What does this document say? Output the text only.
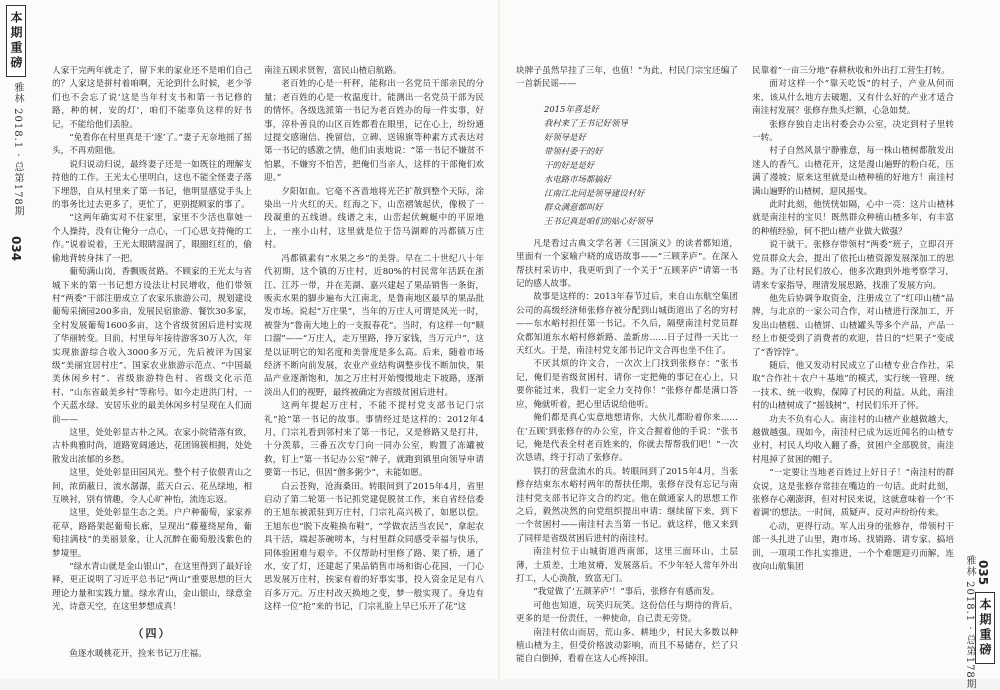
本期重磅
雅林 2018.1 · 总第178期
034

人家干完两年就走了，留下来的家业还不是咱们自己的？人家这是拼村着咱啊，无论到什么时候，老少爷们也不会忘了说‘这是当年村支书和第一书记修的路，种的树，安的灯’，咱们不能辜负这样的好书记，不能给他们丢脸。

“免看你在村里真是干‘逐’了。”妻子无奈地摇了摇头，不再劝阻他。

说归说动归说，最终妻子还是一如既往的理解支持他的工作。王光太心里明白，这也不能全怪妻子落下埋怨，自从村里来了第一书记，他明显感觉手头上的事务比过去更多了，更忙了，更别提顾家的事了。

“这两年确实对不住家里，家里不少活也靠她一个人操持，没有让俺分一点心，一门心思支持俺的工作。”说着说着，王光太眼睛湿润了，眼圈红红的，偷偷地背转身抹了一把。

葡萄满山岗，香飘贩贫路。不顾家的王光太与省城下来的第一书记想方设法让村民增收，他们带领村“两委”干部注册成立了农家乐旅游公司，规划建设葡萄采摘园200多亩，发展民宿旅游、餐饮30多家，全村发展葡萄1600多亩，这个省级贫困后进村实现了华丽转变。目前，村里每年接待游客30万人次，年实现旅游综合收入3000多万元，先后被评为国家级“美丽宜居村庄”、国家农业旅游示范点、“中国最美休闲乡村”、省级旅游特色村、省级文化示范村、“山东省最美乡村”等称号。如今走进洪门村，一个天蓝水绿、安居乐业的最美休闲乡村呈现在人们面前——

这里，处处彰显古朴之风。农家小院错落有致，古朴典雅时尚，道路宽阔通达，花团锦簇相拥，处处散发出浓郁的乡愁。

这里，处处彰显田园风光。整个村子依偎青山之间，浓荫蔽日，流水潺潺，蓝天白云、花丛绿地，相互映衬，别有情趣，令人心旷神怡，流连忘返。

这里，处处彰显生态之美。户户种葡萄，家家养花草，路路架起葡萄长廊，呈现出“藤蔓绕屋角，葡萄挂满枝”的美丽景象，让人沉醉在葡萄般浅紫色的梦境里。

“绿水青山就是金山银山”，在这里得到了最好诠释，更正说明了习近平总书记“两山”重要思想的巨大理论力量和实践力量。绿水青山，金山银山，绿意金光，诗意天空，在这里梦想成真！

（四）

鱼逐水暖桃花开，捡来书记万庄福。

南洼五顾求贤智，富民山楂启航路。

老百姓的心是一杆秤，能称出一名党员干部亲民的分量；老百姓的心是一枚温度计，能测出一名党员干部为民的情怀。各级选派第一书记为老百姓办的每一件实事，好事，淳朴善良的山区百姓都看在眼里，记在心上，纷纷通过提交感谢信、挽留信，立碑、送锦旗等种素方式表达对第一书记的感激之情，他们由衷地说：“第一书记不嫌贫不怕累，不嫌穷不怕苦，把俺们当亲人，这样的干部俺们欢迎。”

夕阳如血。它毫不吝啬地将光芒扩散到整个天际，涂染出一片火红的天。红海之下，山峦褶皱起伏，像极了一段凝重的五线谱。线谱之末，山峦起伏蜿蜒中的平原地上，一座小山村，这里就是位于岱马湖畔的冯都镇万庄村。

冯都镇素有“水果之乡”的美誉。早在二十世纪八十年代初期，这个镇的万庄村，近80%的村民常年活跃在浙江、江苏一带，并在芜湖、嘉兴建起了果品销售一条街，贩卖水果的脚步遍布大江南北，是鲁南地区最早的果品批发市场。说起“万庄果”，当年的万庄人可谓是风光一时，被誉为“鲁南大地上的一支报春花”。当时，有这样一句“顺口溜”——“万庄人，走万里路，挣万家钱，当万元户”，这是以证明它的知名度和美誉度是多么高。后来，随着市场经济不断向前发展，农业产业结构调整步伐不断加快，果品产业逐渐饱和，加之万庄村开始慢慢地走下坡路，逐渐淡出人们的视野，最终被确定为省级贫困后进村。

这两年提起万庄村，不能不提村党支部书记门宗礼“抢”第一书记的故事。事情经过是这样的：2012年4月，门宗礼看到邻村来了第一书记，又是修路又是打井，十分羡慕，三番五次专门向一同办公室，购置了冻罐被救，钉上“第一书记办公室”牌子，就跑到镇里向领导申请要第一书记，但因“僧多粥少”，未能如愿。

白云苍狗，沧海桑田。转眼间到了2015年4月，省里启动了第二轮第一书记抓党建促脱贫工作，来自省经信委的王旭东被派驻到万庄村，门宗礼高兴极了，如愿以偿。王旭东也“脱下皮鞋换布鞋”，“学做农活当农民”，拿起农具干活，端起茶碗唠本，与村里群众同感受幸福与快乐，同体验困难与艰辛。不仅帮助村里修了路、架了桥，通了水，安了灯，还建起了果品销售市场和街心花园，一门心思发展万庄村，挨家有着的好事实事，投入资金足足有八百多万元。万庄村改天换地之变，梦一般实现了。身边有这样一位“抢”来的书记，门宗礼脸上早已乐开了花“这

块牌子虽然早挂了三年，也值！”为此，村民门宗宝还编了一首新民谣——

2015年喜是好
我村来了王书记好领导
好领导是好
带领村委干的好
干的好是是好
水电路市场都搞好
江南江北同是领导建设村好
群众满意都叫好
王书记真是咱们的贴心好领导

凡是看过古典文学名著《三国演义》的读者都知道，里面有一个家喻户晓的成语故事——“三顾茅庐”。在深入帮扶村采访中，我更听到了一个关于“五顾茅庐”请第一书记的感人故事。

故事是这样的：2013年春节过后，来自山东航空集团公司的高级经济师张修存被分配到山城街道出了名的穷村——东水峪村担任第一书记。不久后，隔壁南洼村党员群众都知道东水峪村修新路、盖新房……日子过得一天比一天红火。于是，南洼村党支部书记许文合再也坐不住了。

不厌其烦的许文合，一次次上门找到张修存：“张书记，俺们是省级贫困村，请你一定把俺的事记在心上，只要你能过来，我们一定全力支持你！”张修存都是满口答应，俺就听着，把心里话说给他听。

俺们都是真心实意地想请你，大伙儿都盼着你来……在‘五顾’到张修存的办公室，许文合握着他的手说：“张书记，俺是代表全村老百姓来的，你就去帮帮我们吧！”一次次恳请，终于打动了张修存。

铁打的营盘流水的兵。转眼间到了2015年4月，当张修存结束东水峪村两年的帮扶任期，张修存没有忘记与南洼村党支部书记许文合的约定。他在做通家人的思想工作之后，毅然决然的向党组织提出申请：继续留下来，到下一个贫困村——南洼村去当第一书记。就这样，他又来到了同样是省级贫困后进村的南洼村。

南洼村位于山城街道西南部，这里三面环山，土层薄，土质差，土地贫瘠，发展落后。不少年轻人常年外出打工，人心涣散，致富无门。

“我觉做了‘五颜茅庐’！”事后，张修存有感而发。

可他也知道，玩笑归玩笑。这份信任与期待的背后，更多的是一份责任，一种使命，自己责无旁贷。

南洼村依山而居，荒山多、耕地少，村民大多数以种植山楂为主，但受价格波动影响，而且不易储存，烂了只能自白倒掉，看着在这人心疼掉泪。

民靠着“一亩三分地”春耕秋收和外出打工营生打转。

面对这样一个“靠天吃饭”的村子，产业从何而来，该从什么地方去破题，又有什么好的产业才适合南洼村发展？张修存焦头烂额，心急如焚。

张修存独自走出村委会办公室，决定到村子里转一转。

村子自然风景宁静雅意，每一株山楂树都散发出迷人的香气。山楂花开，这是漫山遍野的粉白花，压满了漫坡；原来这里就是山楂种植的好地方！南洼村满山遍野的山楂树，迎风摇曳。

此时此刻，他恍恍如隔，心中一亮：这片山楂林就是南洼村的宝贝！既然群众种植山楂多年，有丰富的种植经验，何不把山楂产业做大做强？

说干就干。张修存带领村“两委”班子，立即召开党员群众大会，提出了依托山楂资源发展深加工的思路。为了让村民们放心，他多次跑到外地考察学习，请来专家指导，理清发展思路，找准了发展方向。

他先后协调争取资金，注册成立了“红印山楂”品牌，与北京的一家公司合作，对山楂进行深加工，开发出山楂糕、山楂饼、山楂罐头等多个产品，产品一经上市便受到了消费者的欢迎，昔日的“烂果子”变成了“香饽饽”。

随后，他又发动村民成立了山楂专业合作社，采取“合作社＋农户＋基地”的模式，实行统一管理、统一技术、统一收购，保障了村民的利益。从此，南洼村的山楂树成了“摇钱树”，村民们乐开了怀。

功夫不负有心人。南洼村的山楂产业越做越大，越做越强。现如今，南洼村已成为远近闻名的山楂专业村，村民人均收入翻了番，贫困户全部脱贫，南洼村甩掉了贫困的帽子。

“一定要让当地老百姓过上好日子！”南洼村的群众说，这是张修存常挂在嘴边的一句话。此时此刻，张修存心潮澎湃，但对村民来说，这就意味着一个‘不着调’的想法。一时间，质疑声、反对声纷纷传来。

心动，更得行动。军人出身的张修存，带领村干部一头扎进了山里，跑市场、找销路、请专家、搞培训，一项项工作扎实推进，一个个难题迎刃而解，连夜向山航集团	035
雅林 2018.1 · 总第178期 本期重磅
